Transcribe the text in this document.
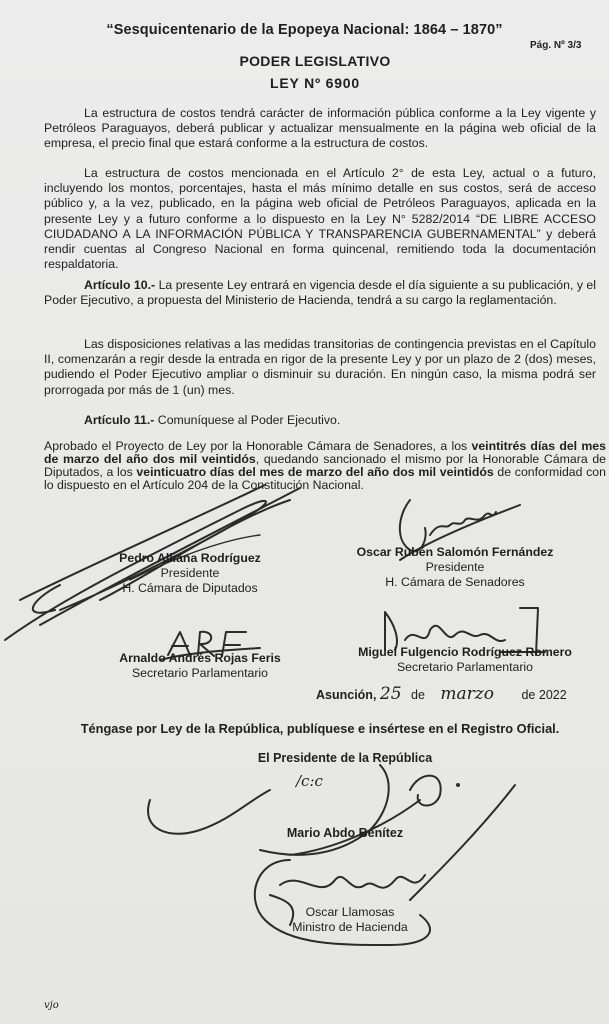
“Sesquicentenario de la Epopeya Nacional: 1864 – 1870”
Pág. Nº 3/3
PODER LEGISLATIVO
LEY Nº 6900
La estructura de costos tendrá carácter de información pública conforme a la Ley vigente y Petróleos Paraguayos, deberá publicar y actualizar mensualmente en la página web oficial de la empresa, el precio final que estará conforme a la estructura de costos.
La estructura de costos mencionada en el Artículo 2° de esta Ley, actual o a futuro, incluyendo los montos, porcentajes, hasta el más mínimo detalle en sus costos, será de acceso público y, a la vez, publicado, en la página web oficial de Petróleos Paraguayos, aplicada en la presente Ley y a futuro conforme a lo dispuesto en la Ley N° 5282/2014 “DE LIBRE ACCESO CIUDADANO A LA INFORMACIÓN PÚBLICA Y TRANSPARENCIA GUBERNAMENTAL” y deberá rendir cuentas al Congreso Nacional en forma quincenal, remitiendo toda la documentación respaldatoria.
Artículo 10.- La presente Ley entrará en vigencia desde el día siguiente a su publicación, y el Poder Ejecutivo, a propuesta del Ministerio de Hacienda, tendrá a su cargo la reglamentación.
Las disposiciones relativas a las medidas transitorias de contingencia previstas en el Capítulo II, comenzarán a regir desde la entrada en rigor de la presente Ley y por un plazo de 2 (dos) meses, pudiendo el Poder Ejecutivo ampliar o disminuir su duración. En ningún caso, la misma podrá ser prorrogada por más de 1 (un) mes.
Artículo 11.- Comuníquese al Poder Ejecutivo.
Aprobado el Proyecto de Ley por la Honorable Cámara de Senadores, a los veintitrés días del mes de marzo del año dos mil veintidós, quedando sancionado el mismo por la Honorable Cámara de Diputados, a los veinticuatro días del mes de marzo del año dos mil veintidós de conformidad con lo dispuesto en el Artículo 204 de la Constitución Nacional.
Pedro Alliana Rodríguez
Presidente
H. Cámara de Diputados
Oscar Rubén Salomón Fernández
Presidente
H. Cámara de Senadores
Arnaldo Andrés Rojas Feris
Secretario Parlamentario
Miguel Fulgencio Rodríguez Romero
Secretario Parlamentario
Asunción, 25 de marzo de 2022
Téngase por Ley de la República, publíquese e insértese en el Registro Oficial.
El Presidente de la República
/c:c
Mario Abdo Benítez
Oscar Llamosas
Ministro de Hacienda
vjo
